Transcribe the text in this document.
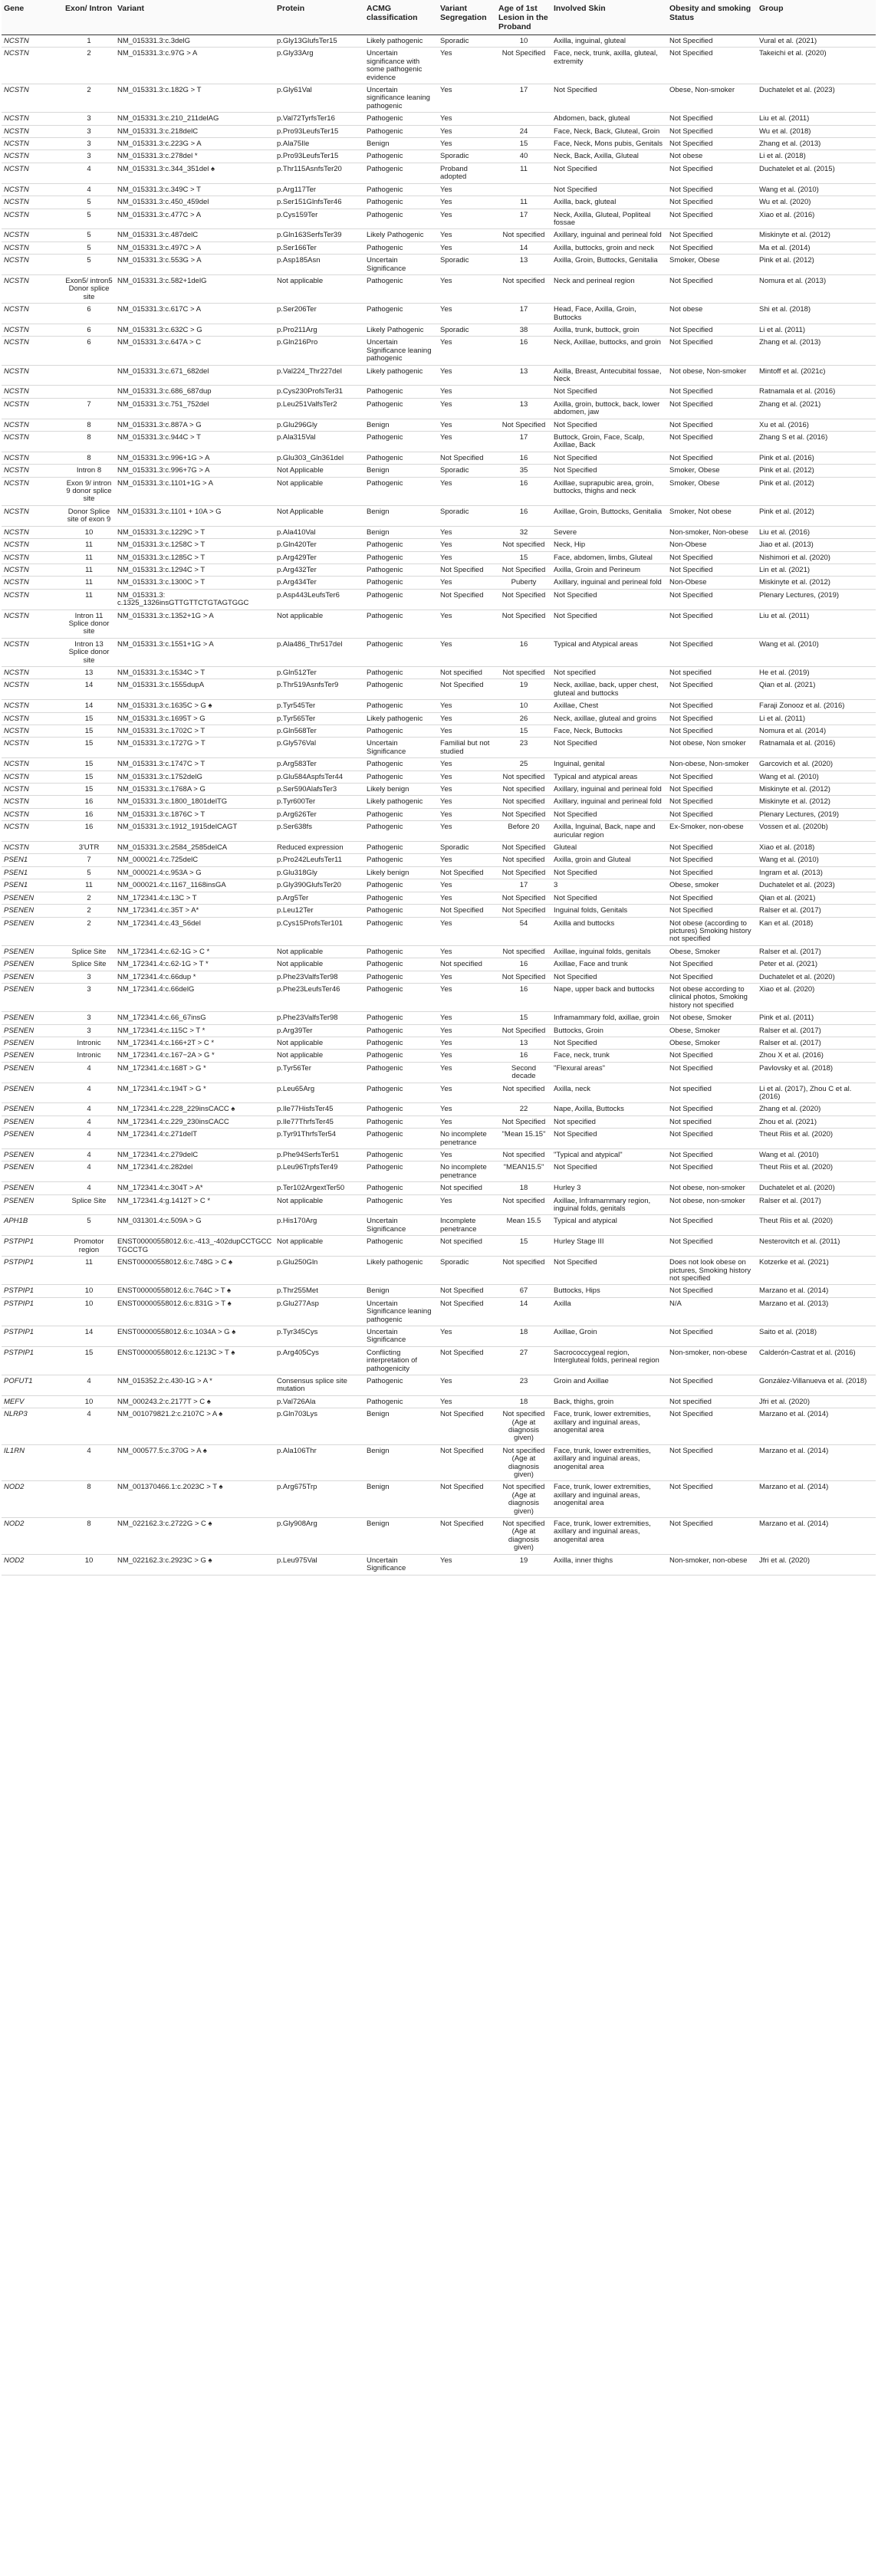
Gene	Exon/ Intron	Variant	Protein	ACMG classification	Variant Segregation	Age of 1st Lesion in the Proband	Involved Skin	Obesity and smoking Status	Group
NCSTN	1	NM_015331.3:c.3delG	p.Gly13GlufsTer15	Likely pathogenic	Sporadic	10	Axilla, inguinal, gluteal	Not Specified	Vural et al. (2021)
NCSTN	2	NM_015331.3:c.97G > A	p.Gly33Arg	Uncertain significance with some pathogenic evidence	Yes	Not Specified	Face, neck, trunk, axilla, gluteal, extremity	Not Specified	Takeichi et al. (2020)
NCSTN	2	NM_015331.3:c.182G > T	p.Gly61Val	Uncertain significance leaning pathogenic	Yes	17	Not Specified	Obese, Non-smoker	Duchatelet et al. (2023)
NCSTN	3	NM_015331.3:c.210_211delAG	p.Val72TyrfsTer16	Pathogenic	Yes		Abdomen, back, gluteal	Not Specified	Liu et al. (2011)
NCSTN	3	NM_015331.3:c.218delC	p.Pro93LeufsTer15	Pathogenic	Yes	24	Face, Neck, Back, Gluteal, Groin	Not Specified	Wu et al. (2018)
NCSTN	3	NM_015331.3:c.223G > A	p.Ala75Ile	Benign	Yes	15	Face, Neck, Mons pubis, Genitals	Not Specified	Zhang et al. (2013)
NCSTN	3	NM_015331.3:c.278del *	p.Pro93LeufsTer15	Pathogenic	Sporadic	40	Neck, Back, Axilla, Gluteal	Not obese	Li et al. (2018)
NCSTN	4	NM_015331.3:c.344_351del ♠	p.Thr115AsnfsTer20	Pathogenic	Proband adopted	11	Not Specified	Not Specified	Duchatelet et al. (2015)
NCSTN	4	NM_015331.3:c.349C > T	p.Arg117Ter	Pathogenic	Yes		Not Specified	Not Specified	Wang et al. (2010)
NCSTN	5	NM_015331.3:c.450_459del	p.Ser151GlnfsTer46	Pathogenic	Yes	11	Axilla, back, gluteal	Not Specified	Wu et al. (2020)
NCSTN	5	NM_015331.3:c.477C > A	p.Cys159Ter	Pathogenic	Yes	17	Neck, Axilla, Gluteal, Popliteal fossae	Not Specified	Xiao et al. (2016)
NCSTN	5	NM_015331.3:c.487delC	p.Gln163SerfsTer39	Likely Pathogenic	Yes	Not specified	Axillary, inguinal and perineal fold	Not Specified	Miskinyte et al. (2012)
NCSTN	5	NM_015331.3:c.497C > A	p.Ser166Ter	Pathogenic	Yes	14	Axilla, buttocks, groin and neck	Not Specified	Ma et al. (2014)
NCSTN	5	NM_015331.3:c.553G > A	p.Asp185Asn	Uncertain Significance	Sporadic	13	Axilla, Groin, Buttocks, Genitalia	Smoker, Obese	Pink et al. (2012)
NCSTN	Exon5/ intron5 Donor splice site	NM_015331.3:c.582+1delG	Not applicable	Pathogenic	Yes	Not specified	Neck and perineal region	Not Specified	Nomura et al. (2013)
NCSTN	6	NM_015331.3:c.617C > A	p.Ser206Ter	Pathogenic	Yes	17	Head, Face, Axilla, Groin, Buttocks	Not obese	Shi et al. (2018)
NCSTN	6	NM_015331.3:c.632C > G	p.Pro211Arg	Likely Pathogenic	Sporadic	38	Axilla, trunk, buttock, groin	Not Specified	Li et al. (2011)
NCSTN	6	NM_015331.3:c.647A > C	p.Gln216Pro	Uncertain Significance leaning pathogenic	Yes	16	Neck, Axillae, buttocks, and groin	Not Specified	Zhang et al. (2013)
NCSTN		NM_015331.3:c.671_682del	p.Val224_Thr227del	Likely pathogenic	Yes	13	Axilla, Breast, Antecubital fossae, Neck	Not obese, Non-smoker	Mintoff et al. (2021c)
NCSTN		NM_015331.3:c.686_687dup	p.Cys230ProfsTer31	Pathogenic	Yes		Not Specified	Not Specified	Ratnamala et al. (2016)
NCSTN	7	NM_015331.3:c.751_752del	p.Leu251ValfsTer2	Pathogenic	Yes	13	Axilla, groin, buttock, back, lower abdomen, jaw	Not Specified	Zhang et al. (2021)
NCSTN	8	NM_015331.3:c.887A > G	p.Glu296Gly	Benign	Yes	Not Specified	Not Specified	Not Specified	Xu et al. (2016)
NCSTN	8	NM_015331.3:c.944C > T	p.Ala315Val	Pathogenic	Yes	17	Buttock, Groin, Face, Scalp, Axillae, Back	Not Specified	Zhang S et al. (2016)
NCSTN	8	NM_015331.3:c.996+1G > A	p.Glu303_Gln361del	Pathogenic	Not Specified	16	Not Specified	Not Specified	Pink et al. (2016)
NCSTN	Intron 8	NM_015331.3:c.996+7G > A	Not Applicable	Benign	Sporadic	35	Not Specified	Smoker, Obese	Pink et al. (2012)
NCSTN	Exon 9/ intron 9 donor splice site	NM_015331.3:c.1101+1G > A	Not applicable	Pathogenic	Yes	16	Axillae, suprapubic area, groin, buttocks, thighs and neck	Smoker, Obese	Pink et al. (2012)
NCSTN	Donor Splice site of exon 9	NM_015331.3:c.1101 + 10A > G	Not Applicable	Benign	Sporadic	16	Axillae, Groin, Buttocks, Genitalia	Smoker, Not obese	Pink et al. (2012)
NCSTN	10	NM_015331.3:c.1229C > T	p.Ala410Val	Benign	Yes	32	Severe	Non-smoker, Non-obese	Liu et al. (2016)
NCSTN	11	NM_015331.3:c.1258C > T	p.Gln420Ter	Pathogenic	Yes	Not specified	Neck, Hip	Non-Obese	Jiao et al. (2013)
NCSTN	11	NM_015331.3:c.1285C > T	p.Arg429Ter	Pathogenic	Yes	15	Face, abdomen, limbs, Gluteal	Not Specified	Nishimori et al. (2020)
NCSTN	11	NM_015331.3:c.1294C > T	p.Arg432Ter	Pathogenic	Not Specified	Not Specified	Axilla, Groin and Perineum	Not Specified	Lin et al. (2021)
NCSTN	11	NM_015331.3:c.1300C > T	p.Arg434Ter	Pathogenic	Yes	Puberty	Axillary, inguinal and perineal fold	Non-Obese	Miskinyte et al. (2012)
NCSTN	11	NM_015331.3: c.1325_1326insGTTGTTCTGTAGTGGC	p.Asp443LeufsTer6	Pathogenic	Not Specified	Not Specified	Not Specified	Not Specified	Plenary Lectures, (2019)
NCSTN	Intron 11 Splice donor site	NM_015331.3:c.1352+1G > A	Not applicable	Pathogenic	Yes	Not Specified	Not Specified	Not Specified	Liu et al. (2011)
NCSTN	Intron 13 Splice donor site	NM_015331.3:c.1551+1G > A	p.Ala486_Thr517del	Pathogenic	Yes	16	Typical and Atypical areas	Not Specified	Wang et al. (2010)
NCSTN	13	NM_015331.3:c.1534C > T	p.Gln512Ter	Pathogenic	Not specified	Not specified	Not specified	Not specified	He et al. (2019)
NCSTN	14	NM_015331.3:c.1555dupA	p.Thr519AsnfsTer9	Pathogenic	Not Specified	19	Neck, axillae, back, upper chest, gluteal and buttocks	Not Specified	Qian et al. (2021)
NCSTN	14	NM_015331.3:c.1635C > G ♠	p.Tyr545Ter	Pathogenic	Yes	10	Axillae, Chest	Not Specified	Faraji Zonooz et al. (2016)
NCSTN	15	NM_015331.3:c.1695T > G	p.Tyr565Ter	Likely pathogenic	Yes	26	Neck, axillae, gluteal and groins	Not Specified	Li et al. (2011)
NCSTN	15	NM_015331.3:c.1702C > T	p.Gln568Ter	Pathogenic	Yes	15	Face, Neck, Buttocks	Not Specified	Nomura et al. (2014)
NCSTN	15	NM_015331.3:c.1727G > T	p.Gly576Val	Uncertain Significance	Familial but not studied	23	Not Specified	Not obese, Non smoker	Ratnamala et al. (2016)
NCSTN	15	NM_015331.3:c.1747C > T	p.Arg583Ter	Pathogenic	Yes	25	Inguinal, genital	Non-obese, Non-smoker	Garcovich et al. (2020)
NCSTN	15	NM_015331.3:c.1752delG	p.Glu584AspfsTer44	Pathogenic	Yes	Not specified	Typical and atypical areas	Not Specified	Wang et al. (2010)
NCSTN	15	NM_015331.3:c.1768A > G	p.Ser590AlafsTer3	Likely benign	Yes	Not specified	Axillary, inguinal and perineal fold	Not Specified	Miskinyte et al. (2012)
NCSTN	16	NM_015331.3:c.1800_1801delTG	p.Tyr600Ter	Likely pathogenic	Yes	Not specified	Axillary, inguinal and perineal fold	Not Specified	Miskinyte et al. (2012)
NCSTN	16	NM_015331.3:c.1876C > T	p.Arg626Ter	Pathogenic	Yes	Not Specified	Not Specified	Not Specified	Plenary Lectures, (2019)
NCSTN	16	NM_015331.3:c.1912_1915delCAGT	p.Ser638fs	Pathogenic	Yes	Before 20	Axilla, Inguinal, Back, nape and auricular region	Ex-Smoker, non-obese	Vossen et al. (2020b)
NCSTN	3'UTR	NM_015331.3:c.2584_2585delCA	Reduced expression	Pathogenic	Sporadic	Not Specified	Gluteal	Not Specified	Xiao et al. (2018)
PSEN1	7	NM_000021.4:c.725delC	p.Pro242LeufsTer11	Pathogenic	Yes	Not specified	Axilla, groin and Gluteal	Not Specified	Wang et al. (2010)
PSEN1	5	NM_000021.4:c.953A > G	p.Glu318Gly	Likely benign	Not Specified	Not Specified	Not Specified	Not Specified	Ingram et al. (2013)
PSEN1	11	NM_000021.4:c.1167_1168insGA	p.Gly390GlufsTer20	Pathogenic	Yes	17	3	Obese, smoker	Duchatelet et al. (2023)
PSENEN	2	NM_172341.4:c.13C > T	p.Arg5Ter	Pathogenic	Yes	Not Specified	Not Specified	Not Specified	Qian et al. (2021)
PSENEN	2	NM_172341.4:c.35T > A*	p.Leu12Ter	Pathogenic	Not Specified	Not Specified	Inguinal folds, Genitals	Not Specified	Ralser et al. (2017)
PSENEN	2	NM_172341.4:c.43_56del	p.Cys15ProfsTer101	Pathogenic	Yes	54	Axilla and buttocks	Not obese (according to pictures) Smoking history not specified	Kan et al. (2018)
PSENEN	Splice Site	NM_172341.4:c.62-1G > C *	Not applicable	Pathogenic	Yes	Not specified	Axillae, inguinal folds, genitals	Obese, Smoker	Ralser et al. (2017)
PSENEN	Splice Site	NM_172341.4:c.62-1G > T *	Not applicable	Pathogenic	Not specified	16	Axillae, Face and trunk	Not Specified	Peter et al. (2021)
PSENEN	3	NM_172341.4:c.66dup *	p.Phe23ValfsTer98	Pathogenic	Yes	Not Specified	Not Specified	Not Specified	Duchatelet et al. (2020)
PSENEN	3	NM_172341.4:c.66delG	p.Phe23LeufsTer46	Pathogenic	Yes	16	Nape, upper back and buttocks	Not obese according to clinical photos, Smoking history not specified	Xiao et al. (2020)
PSENEN	3	NM_172341.4:c.66_67insG	p.Phe23ValfsTer98	Pathogenic	Yes	15	Inframammary fold, axillae, groin	Not obese, Smoker	Pink et al. (2011)
PSENEN	3	NM_172341.4:c.115C > T *	p.Arg39Ter	Pathogenic	Yes	Not Specified	Buttocks, Groin	Obese, Smoker	Ralser et al. (2017)
PSENEN	Intronic	NM_172341.4:c.166+2T > C *	Not applicable	Pathogenic	Yes	13	Not Specified	Obese, Smoker	Ralser et al. (2017)
PSENEN	Intronic	NM_172341.4:c.167−2A > G *	Not applicable	Pathogenic	Yes	16	Face, neck, trunk	Not Specified	Zhou X et al. (2016)
PSENEN	4	NM_172341.4:c.168T > G *	p.Tyr56Ter	Pathogenic	Yes	Second decade	"Flexural areas"	Not Specified	Pavlovsky et al. (2018)
PSENEN	4	NM_172341.4:c.194T > G *	p.Leu65Arg	Pathogenic	Yes	Not specified	Axilla, neck	Not specified	Li et al. (2017), Zhou C et al. (2016)
PSENEN	4	NM_172341.4:c.228_229insCACC ♠	p.Ile77HisfsTer45	Pathogenic	Yes	22	Nape, Axilla, Buttocks	Not Specified	Zhang et al. (2020)
PSENEN	4	NM_172341.4:c.229_230insCACC	p.Ile77ThrfsTer45	Pathogenic	Yes	Not Specified	Not specified	Not specified	Zhou et al. (2021)
PSENEN	4	NM_172341.4:c.271delT	p.Tyr91ThrfsTer54	Pathogenic	No incomplete penetrance	"Mean 15.15"	Not Specified	Not Specified	Theut Riis et al. (2020)
PSENEN	4	NM_172341.4:c.279delC	p.Phe94SerfsTer51	Pathogenic	Yes	Not specified	"Typical and atypical"	Not Specified	Wang et al. (2010)
PSENEN	4	NM_172341.4:c.282del	p.Leu96TrpfsTer49	Pathogenic	No incomplete penetrance	"MEAN15.5"	Not Specified	Not Specified	Theut Riis et al. (2020)
PSENEN	4	NM_172341.4:c.304T > A*	p.Ter102ArgextTer50	Pathogenic	Not specified	18	Hurley 3	Not obese, non-smoker	Duchatelet et al. (2020)
PSENEN	Splice Site	NM_172341.4:g.1412T > C *	Not applicable	Pathogenic	Yes	Not specified	Axillae, Inframammary region, inguinal folds, genitals	Not obese, non-smoker	Ralser et al. (2017)
APH1B	5	NM_031301.4:c.509A > G	p.His170Arg	Uncertain Significance	Incomplete penetrance	Mean 15.5	Typical and atypical	Not Specified	Theut Riis et al. (2020)
PSTPIP1	Promotor region	ENST00000558012.6:c.-413_-402dupCCTGCCTGCCTG	Not applicable	Pathogenic	Not specified	15	Hurley Stage III	Not Specified	Nesterovitch et al. (2011)
PSTPIP1	11	ENST00000558012.6:c.748G > C ♠	p.Glu250Gln	Likely pathogenic	Sporadic	Not specified	Not Specified	Does not look obese on pictures, Smoking history not specified	Kotzerke et al. (2021)
PSTPIP1	10	ENST00000558012.6:c.764C > T ♠	p.Thr255Met	Benign	Not Specified	67	Buttocks, Hips	Not Specified	Marzano et al. (2014)
PSTPIP1	10	ENST00000558012.6:c.831G > T ♠	p.Glu277Asp	Uncertain Significance leaning pathogenic	Not Specified	14	Axilla	N/A	Marzano et al. (2013)
PSTPIP1	14	ENST00000558012.6:c.1034A > G ♠	p.Tyr345Cys	Uncertain Significance	Yes	18	Axillae, Groin	Not Specified	Saito et al. (2018)
PSTPIP1	15	ENST00000558012.6:c.1213C > T ♠	p.Arg405Cys	Conflicting interpretation of pathogenicity	Not Specified	27	Sacrococcygeal region, Intergluteal folds, perineal region	Non-smoker, non-obese	Calderón-Castrat et al. (2016)
POFUT1	4	NM_015352.2:c.430-1G > A *	Consensus splice site mutation	Pathogenic	Yes	23	Groin and Axillae	Not Specified	González-Villanueva et al. (2018)
MEFV	10	NM_000243.2:c.2177T > C ♠	p.Val726Ala	Pathogenic	Yes	18	Back, thighs, groin	Not specified	Jfri et al. (2020)
NLRP3	4	NM_001079821.2:c.2107C > A ♠	p.Gln703Lys	Benign	Not Specified	Not specified (Age at diagnosis given)	Face, trunk, lower extremities, axillary and inguinal areas, anogenital area	Not Specified	Marzano et al. (2014)
IL1RN	4	NM_000577.5:c.370G > A ♠	p.Ala106Thr	Benign	Not Specified	Not specified (Age at diagnosis given)	Face, trunk, lower extremities, axillary and inguinal areas, anogenital area	Not Specified	Marzano et al. (2014)
NOD2	8	NM_001370466.1:c.2023C > T ♠	p.Arg675Trp	Benign	Not Specified	Not specified (Age at diagnosis given)	Face, trunk, lower extremities, axillary and inguinal areas, anogenital area	Not Specified	Marzano et al. (2014)
NOD2	8	NM_022162.3:c.2722G > C ♠	p.Gly908Arg	Benign	Not Specified	Not specified (Age at diagnosis given)	Face, trunk, lower extremities, axillary and inguinal areas, anogenital area	Not Specified	Marzano et al. (2014)
NOD2	10	NM_022162.3:c.2923C > G ♠	p.Leu975Val	Uncertain Significance	Yes	19	Axilla, inner thighs	Non-smoker, non-obese	Jfri et al. (2020)
